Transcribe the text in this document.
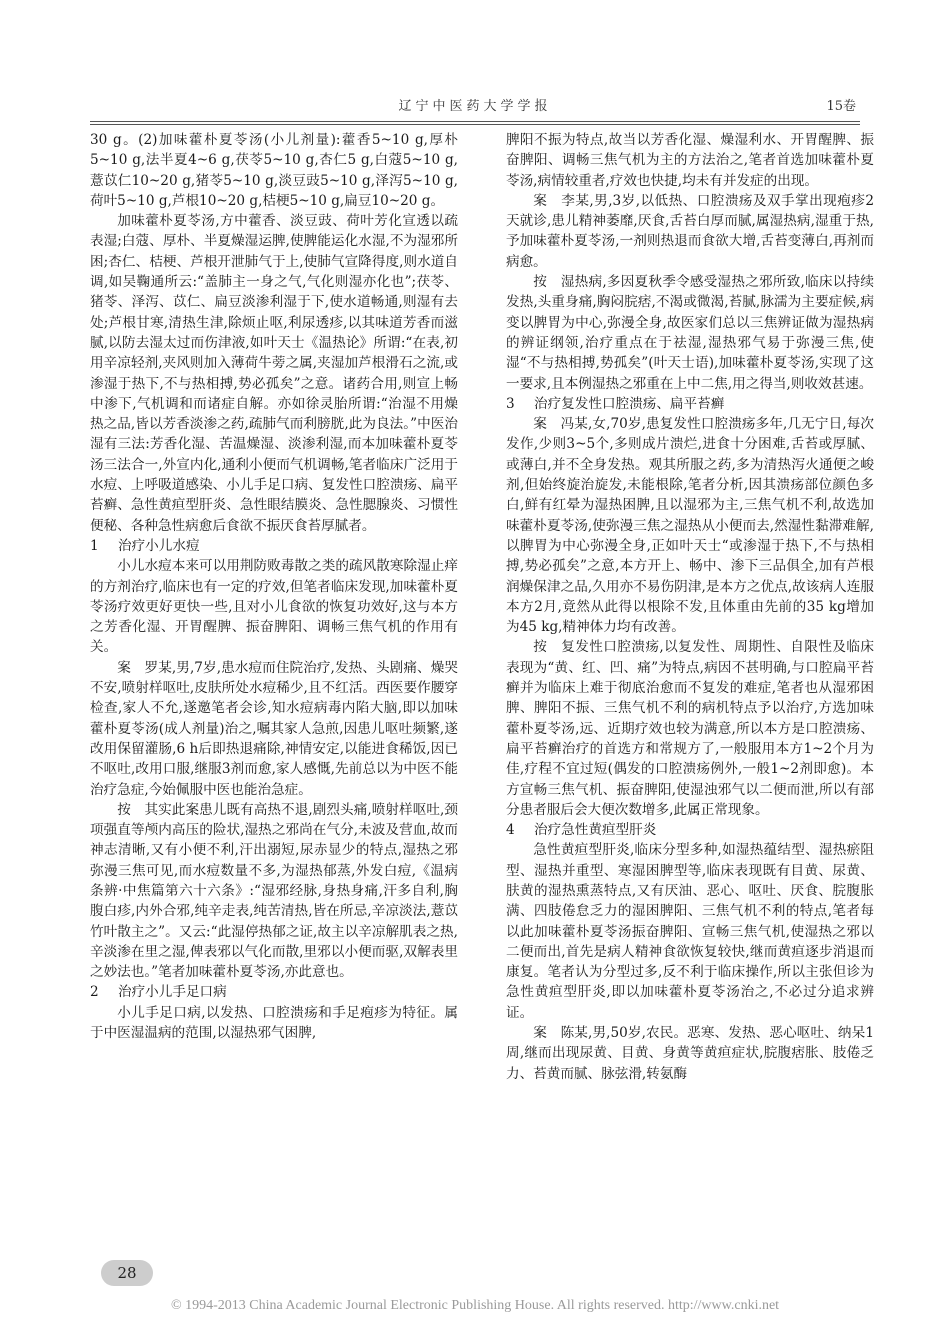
辽宁中医药大学学报	15卷

30 g。(2)加味藿朴夏苓汤(小儿剂量):藿香5~10 g,厚朴5~10 g,法半夏4~6 g,茯苓5~10 g,杏仁5 g,白蔻5~10 g,薏苡仁10~20 g,猪苓5~10 g,淡豆豉5~10 g,泽泻5~10 g,荷叶5~10 g,芦根10~20 g,桔梗5~10 g,扁豆10~20 g。

加味藿朴夏苓汤,方中藿香、淡豆豉、荷叶芳化宣透以疏表湿;白蔻、厚朴、半夏燥湿运脾,使脾能运化水湿,不为湿邪所困;杏仁、桔梗、芦根开泄肺气于上,使肺气宣降得度,则水道自调,如吴鞠通所云:“盖肺主一身之气,气化则湿亦化也”;茯苓、猪苓、泽泻、苡仁、扁豆淡渗利湿于下,使水道畅通,则湿有去处;芦根甘寒,清热生津,除烦止呕,利尿透疹,以其味道芳香而滋腻,以防去湿太过而伤津液,如叶天士《温热论》所谓:“在表,初用辛凉轻剂,夹风则加入薄荷牛蒡之属,夹湿加芦根滑石之流,或渗湿于热下,不与热相搏,势必孤矣”之意。诸药合用,则宣上畅中渗下,气机调和而诸症自解。亦如徐灵胎所谓:“治湿不用燥热之品,皆以芳香淡渗之药,疏肺气而利膀胱,此为良法。”中医治湿有三法:芳香化湿、苦温燥湿、淡渗利湿,而本加味藿朴夏苓汤三法合一,外宣内化,通利小便而气机调畅,笔者临床广泛用于水痘、上呼吸道感染、小儿手足口病、复发性口腔溃疡、扁平苔癣、急性黄疸型肝炎、急性眼结膜炎、急性腮腺炎、习惯性便秘、各种急性病愈后食欲不振厌食苔厚腻者。

1 治疗小儿水痘

小儿水痘本来可以用荆防败毒散之类的疏风散寒除湿止痒的方剂治疗,临床也有一定的疗效,但笔者临床发现,加味藿朴夏苓汤疗效更好更快一些,且对小儿食欲的恢复功效好,这与本方之芳香化湿、开胃醒脾、振奋脾阳、调畅三焦气机的作用有关。

案　罗某,男,7岁,患水痘而住院治疗,发热、头剧痛、燥哭不安,喷射样呕吐,皮肤所处水痘稀少,且不红活。西医要作腰穿检查,家人不允,遂邀笔者会诊,知水痘病毒内陷大脑,即以加味藿朴夏苓汤(成人剂量)治之,嘱其家人急煎,因患儿呕吐频繁,遂改用保留灌肠,6 h后即热退痛除,神情安定,以能进食稀饭,因已不呕吐,改用口服,继服3剂而愈,家人感慨,先前总以为中医不能治疗急症,今始佩服中医也能治急症。

按　其实此案患儿既有高热不退,剧烈头痛,喷射样呕吐,颈项强直等颅内高压的险状,湿热之邪尚在气分,未波及营血,故而神志清晰,又有小便不利,汗出溺短,尿赤显少的特点,湿热之邪弥漫三焦可见,而水痘数量不多,为湿热郁蒸,外发白痘,《温病条辨·中焦篇第六十六条》:“湿邪经脉,身热身痛,汗多自利,胸腹白疹,内外合邪,纯辛走表,纯苦清热,皆在所忌,辛凉淡法,薏苡竹叶散主之”。又云:“此湿停热郁之证,故主以辛凉解肌表之热,辛淡渗在里之湿,俾表邪以气化而散,里邪以小便而驱,双解表里之妙法也。”笔者加味藿朴夏苓汤,亦此意也。

2 治疗小儿手足口病

小儿手足口病,以发热、口腔溃疡和手足疱疹为特征。属于中医湿温病的范围,以湿热邪气困脾,

脾阳不振为特点,故当以芳香化湿、燥湿利水、开胃醒脾、振奋脾阳、调畅三焦气机为主的方法治之,笔者首选加味藿朴夏苓汤,病情较重者,疗效也快捷,均未有并发症的出现。

案　李某,男,3岁,以低热、口腔溃疡及双手掌出现疱疹2天就诊,患儿精神萎靡,厌食,舌苔白厚而腻,属湿热病,湿重于热,予加味藿朴夏苓汤,一剂则热退而食欲大增,舌苔变薄白,再剂而病愈。

按　湿热病,多因夏秋季令感受湿热之邪所致,临床以持续发热,头重身痛,胸闷脘痞,不渴或微渴,苔腻,脉濡为主要症候,病变以脾胃为中心,弥漫全身,故医家们总以三焦辨证做为湿热病的辨证纲领,治疗重点在于祛湿,湿热邪气易于弥漫三焦,使湿“不与热相搏,势孤矣”(叶天士语),加味藿朴夏苓汤,实现了这一要求,且本例湿热之邪重在上中二焦,用之得当,则收效甚速。

3 治疗复发性口腔溃疡、扁平苔癣

案　冯某,女,70岁,患复发性口腔溃疡多年,几无宁日,每次发作,少则3~5个,多则成片溃烂,进食十分困难,舌苔或厚腻、或薄白,并不全身发热。观其所服之药,多为清热泻火通便之峻剂,但始终旋治旋发,未能根除,笔者分析,因其溃疡部位颜色多白,鲜有红晕为湿热困脾,且以湿邪为主,三焦气机不利,故选加味藿朴夏苓汤,使弥漫三焦之湿热从小便而去,然湿性黏滞难解,以脾胃为中心弥漫全身,正如叶天士“或渗湿于热下,不与热相搏,势必孤矣”之意,本方开上、畅中、渗下三品俱全,加有芦根润燥保津之品,久用亦不易伤阴津,是本方之优点,故该病人连服本方2月,竟然从此得以根除不发,且体重由先前的35 kg增加为45 kg,精神体力均有改善。

按　复发性口腔溃疡,以复发性、周期性、自限性及临床表现为“黄、红、凹、痛”为特点,病因不甚明确,与口腔扁平苔癣并为临床上难于彻底治愈而不复发的难症,笔者也从湿邪困脾、脾阳不振、三焦气机不利的病机特点予以治疗,方选加味藿朴夏苓汤,远、近期疗效也较为满意,所以本方是口腔溃疡、扁平苔癣治疗的首选方和常规方了,一般服用本方1~2个月为佳,疗程不宜过短(偶发的口腔溃疡例外,一般1~2剂即愈)。本方宣畅三焦气机、振奋脾阳,使湿浊邪气以二便而泄,所以有部分患者服后会大便次数增多,此属正常现象。

4 治疗急性黄疸型肝炎

急性黄疸型肝炎,临床分型多种,如湿热蕴结型、湿热瘀阻型、湿热并重型、寒湿困脾型等,临床表现既有目黄、尿黄、肤黄的湿热熏蒸特点,又有厌油、恶心、呕吐、厌食、脘腹胀满、四肢倦怠乏力的湿困脾阳、三焦气机不利的特点,笔者每以此加味藿朴夏苓汤振奋脾阳、宣畅三焦气机,使湿热之邪以二便而出,首先是病人精神食欲恢复较快,继而黄疸逐步消退而康复。笔者认为分型过多,反不利于临床操作,所以主张但诊为急性黄疸型肝炎,即以加味藿朴夏苓汤治之,不必过分追求辨证。

案　陈某,男,50岁,农民。恶寒、发热、恶心呕吐、纳呆1周,继而出现尿黄、目黄、身黄等黄疸症状,脘腹痞胀、肢倦乏力、苔黄而腻、脉弦滑,转氨酶

28
© 1994-2013 China Academic Journal Electronic Publishing House. All rights reserved. http://www.cnki.net
